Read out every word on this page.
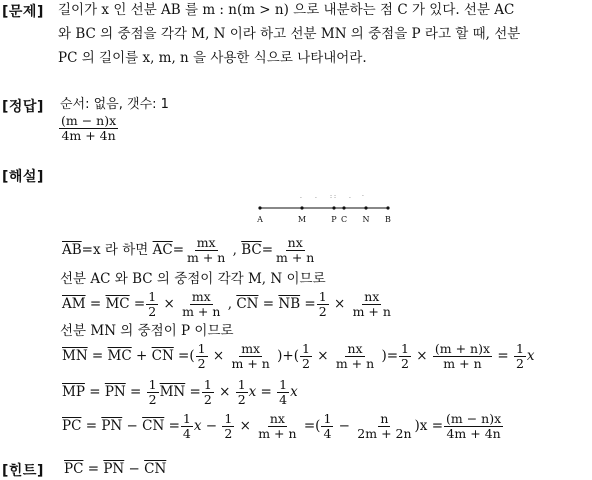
[문제] 길이가 x 인 선분 AB 를 m : n(m > n) 으로 내분하는 점 C 가 있다. 선분 AC
와 BC 의 중점을 각각 M, N 이라 하고 선분 MN 의 중점을 P 라고 할 때, 선분
PC 의 길이를 x, m, n 을 사용한 식으로 나타내어라.
[정답] 순서: 없음, 갯수: 1
$\frac{(m - n)x}{4m + 4n}$
[해설]
· · : : · ·
A	M	P C N B
$\overline{AB}=x$ 라 하면 $\overline{AC}= \frac{mx}{m + n}$ , $\overline{BC}= \frac{nx}{m + n}$
선분 AC 와 BC 의 중점이 각각 M, N 이므로
$\overline{AM} = \overline{MC} = \frac{1}{2} \times \frac{mx}{m + n}$ , $\overline{CN} = \overline{NB} = \frac{1}{2} \times \frac{nx}{m + n}$
선분 MN 의 중점이 P 이므로
$\overline{MN} = \overline{MC} + \overline{CN}$ =( $\frac{1}{2} \times \frac{mx}{m + n}$ )+( $\frac{1}{2} \times \frac{nx}{m + n}$ )= $\frac{1}{2} \times \frac{(m + n)x}{m + n} = \frac{1}{2}$ x
$\overline{MP} = \overline{PN} = \frac{1}{2} \overline{MN} = \frac{1}{2} \times \frac{1}{2}$ $x = \frac{1}{4}$ x
$\overline{PC} = \overline{PN} - \overline{CN} = \frac{1}{4}$ $x - \frac{1}{2} \times \frac{nx}{m + n}$ =( $\frac{1}{4} - \frac{n}{2m + 2n} )x = \frac{(m - n)x}{4m + 4n}$
[힌트] $\overline{PC} = \overline{PN} - \overline{CN}$
